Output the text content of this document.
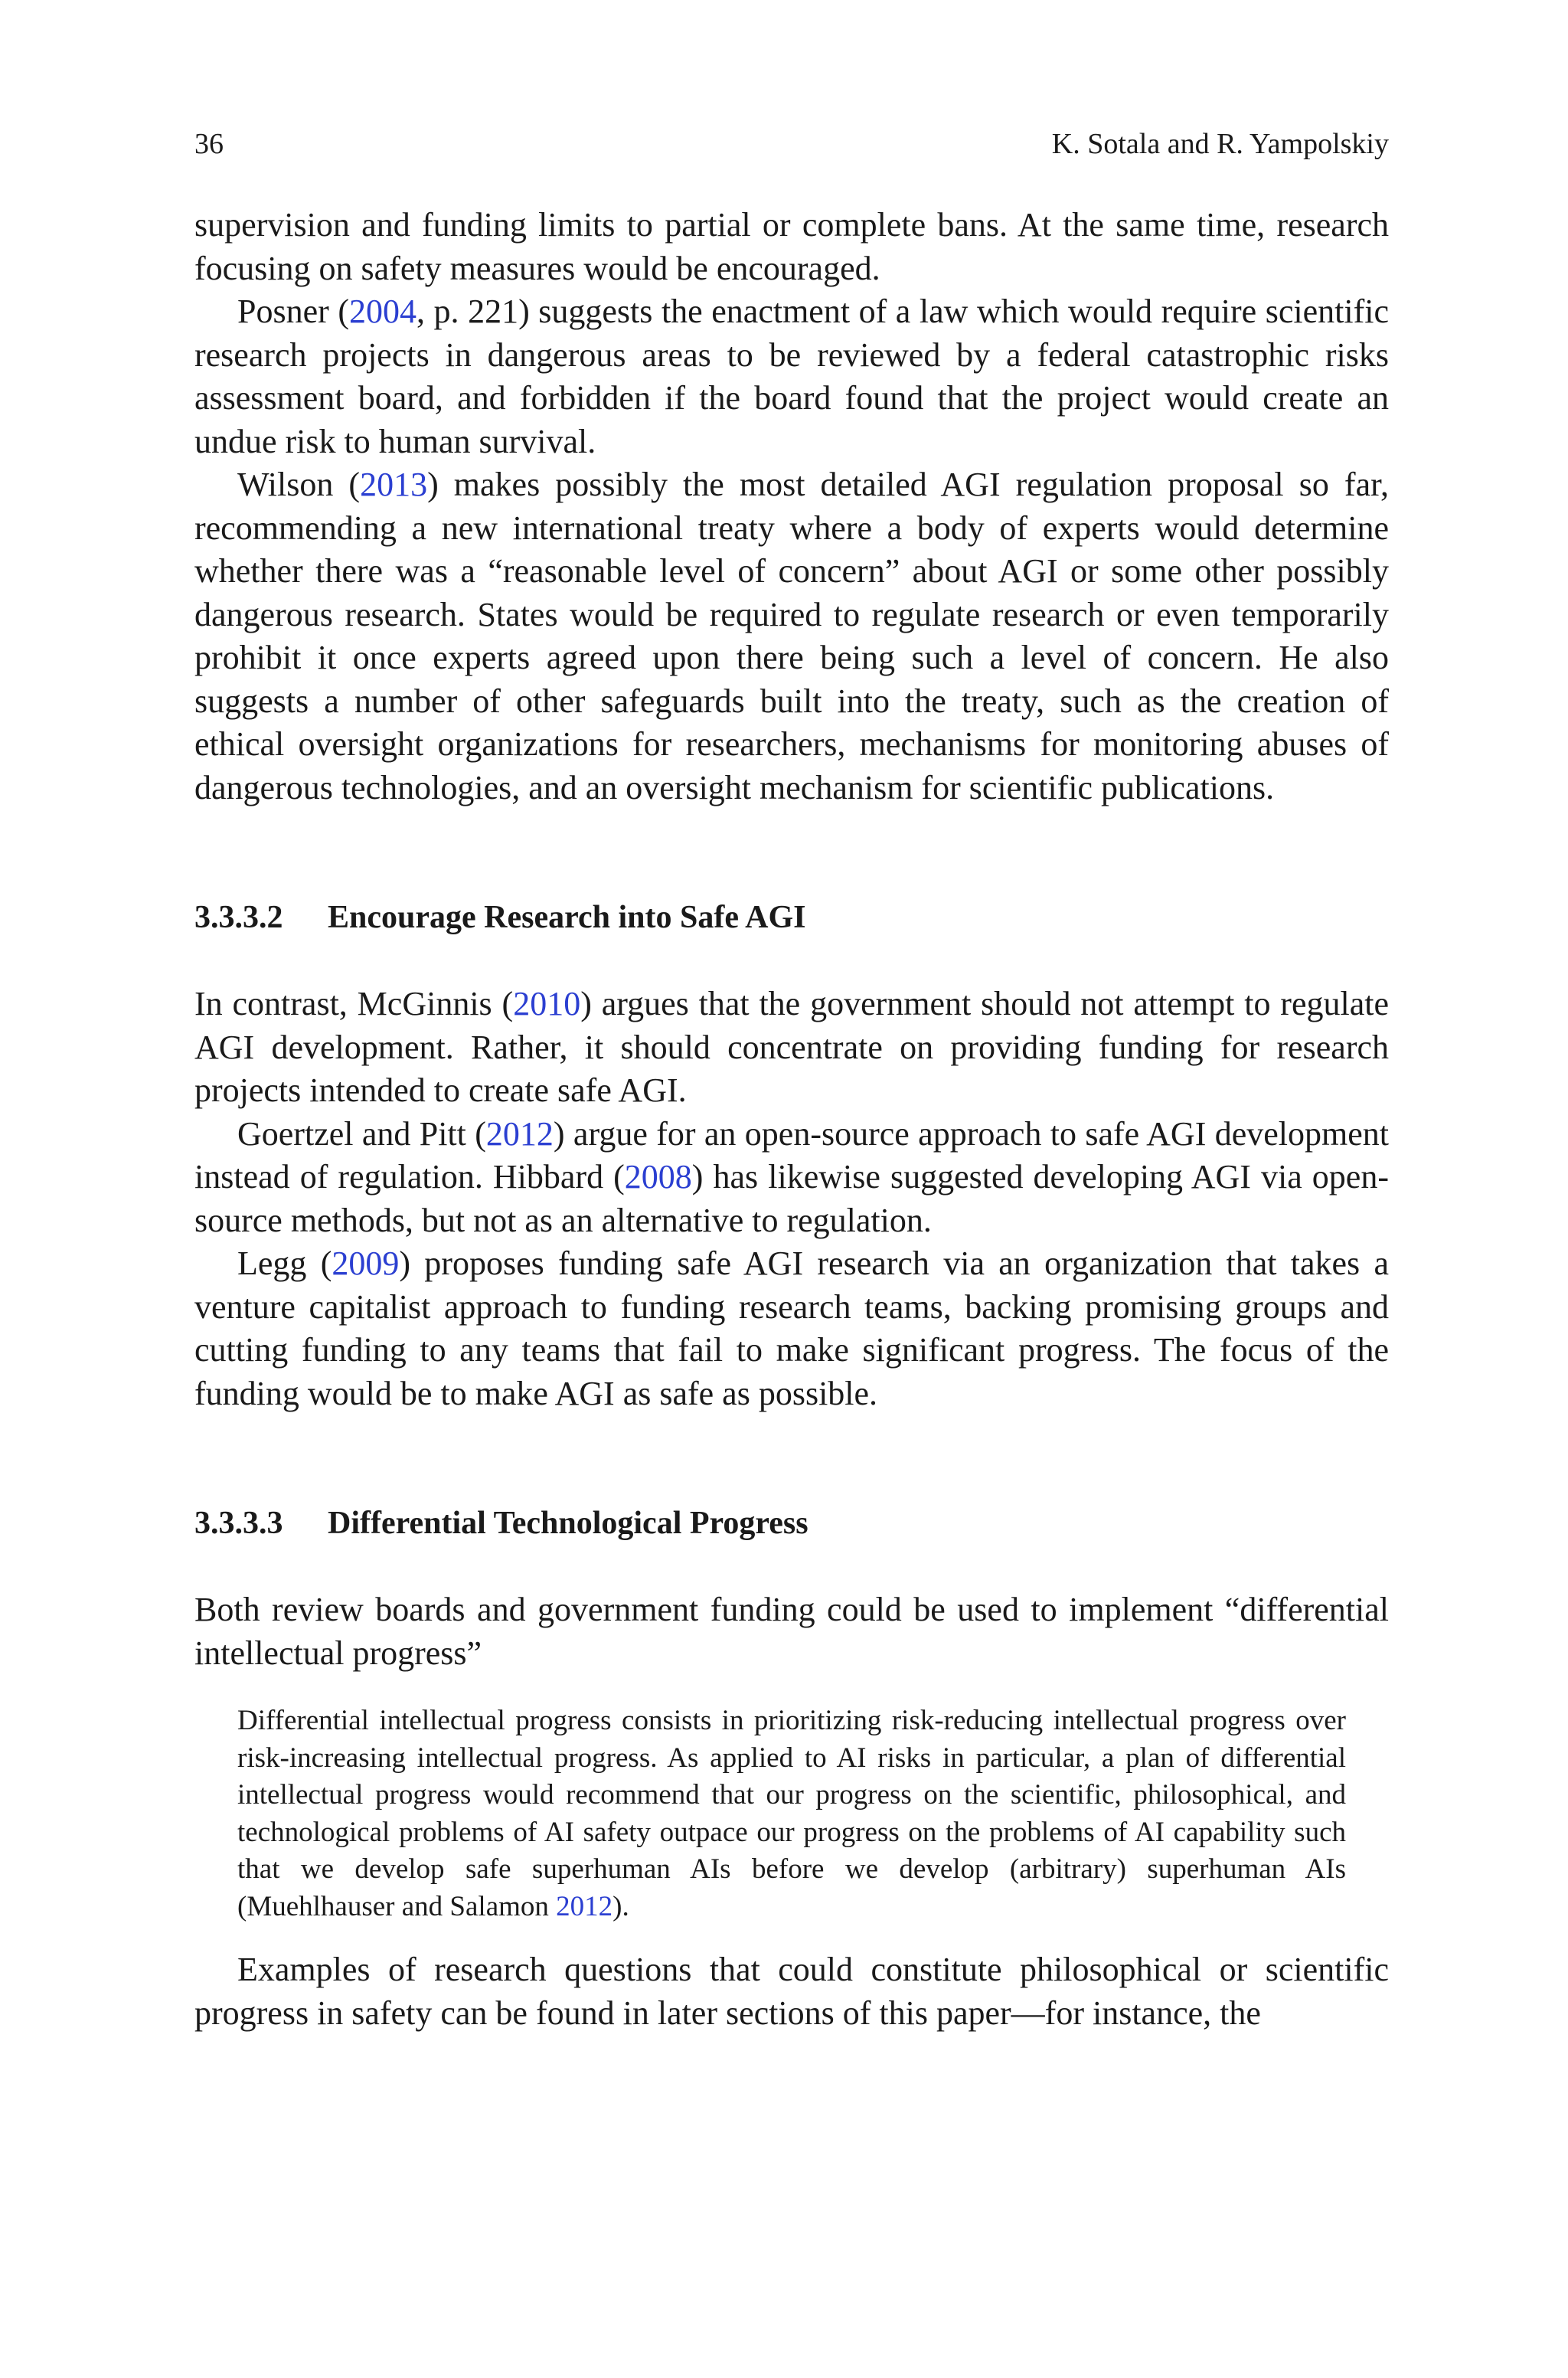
36	K. Sotala and R. Yampolskiy

supervision and funding limits to partial or complete bans. At the same time, research focusing on safety measures would be encouraged.

Posner (2004, p. 221) suggests the enactment of a law which would require scientific research projects in dangerous areas to be reviewed by a federal catastrophic risks assessment board, and forbidden if the board found that the project would create an undue risk to human survival.

Wilson (2013) makes possibly the most detailed AGI regulation proposal so far, recommending a new international treaty where a body of experts would determine whether there was a “reasonable level of concern” about AGI or some other possibly dangerous research. States would be required to regulate research or even temporarily prohibit it once experts agreed upon there being such a level of concern. He also suggests a number of other safeguards built into the treaty, such as the creation of ethical oversight organizations for researchers, mechanisms for monitoring abuses of dangerous technologies, and an oversight mechanism for scientific publications.

3.3.3.2 Encourage Research into Safe AGI

In contrast, McGinnis (2010) argues that the government should not attempt to regulate AGI development. Rather, it should concentrate on providing funding for research projects intended to create safe AGI.

Goertzel and Pitt (2012) argue for an open-source approach to safe AGI development instead of regulation. Hibbard (2008) has likewise suggested developing AGI via open-source methods, but not as an alternative to regulation.

Legg (2009) proposes funding safe AGI research via an organization that takes a venture capitalist approach to funding research teams, backing promising groups and cutting funding to any teams that fail to make significant progress. The focus of the funding would be to make AGI as safe as possible.

3.3.3.3 Differential Technological Progress

Both review boards and government funding could be used to implement “differential intellectual progress”

Differential intellectual progress consists in prioritizing risk-reducing intellectual progress over risk-increasing intellectual progress. As applied to AI risks in particular, a plan of differential intellectual progress would recommend that our progress on the scientific, philosophical, and technological problems of AI safety outpace our progress on the problems of AI capability such that we develop safe superhuman AIs before we develop (arbitrary) superhuman AIs (Muehlhauser and Salamon 2012).

Examples of research questions that could constitute philosophical or scientific progress in safety can be found in later sections of this paper—for instance, the
